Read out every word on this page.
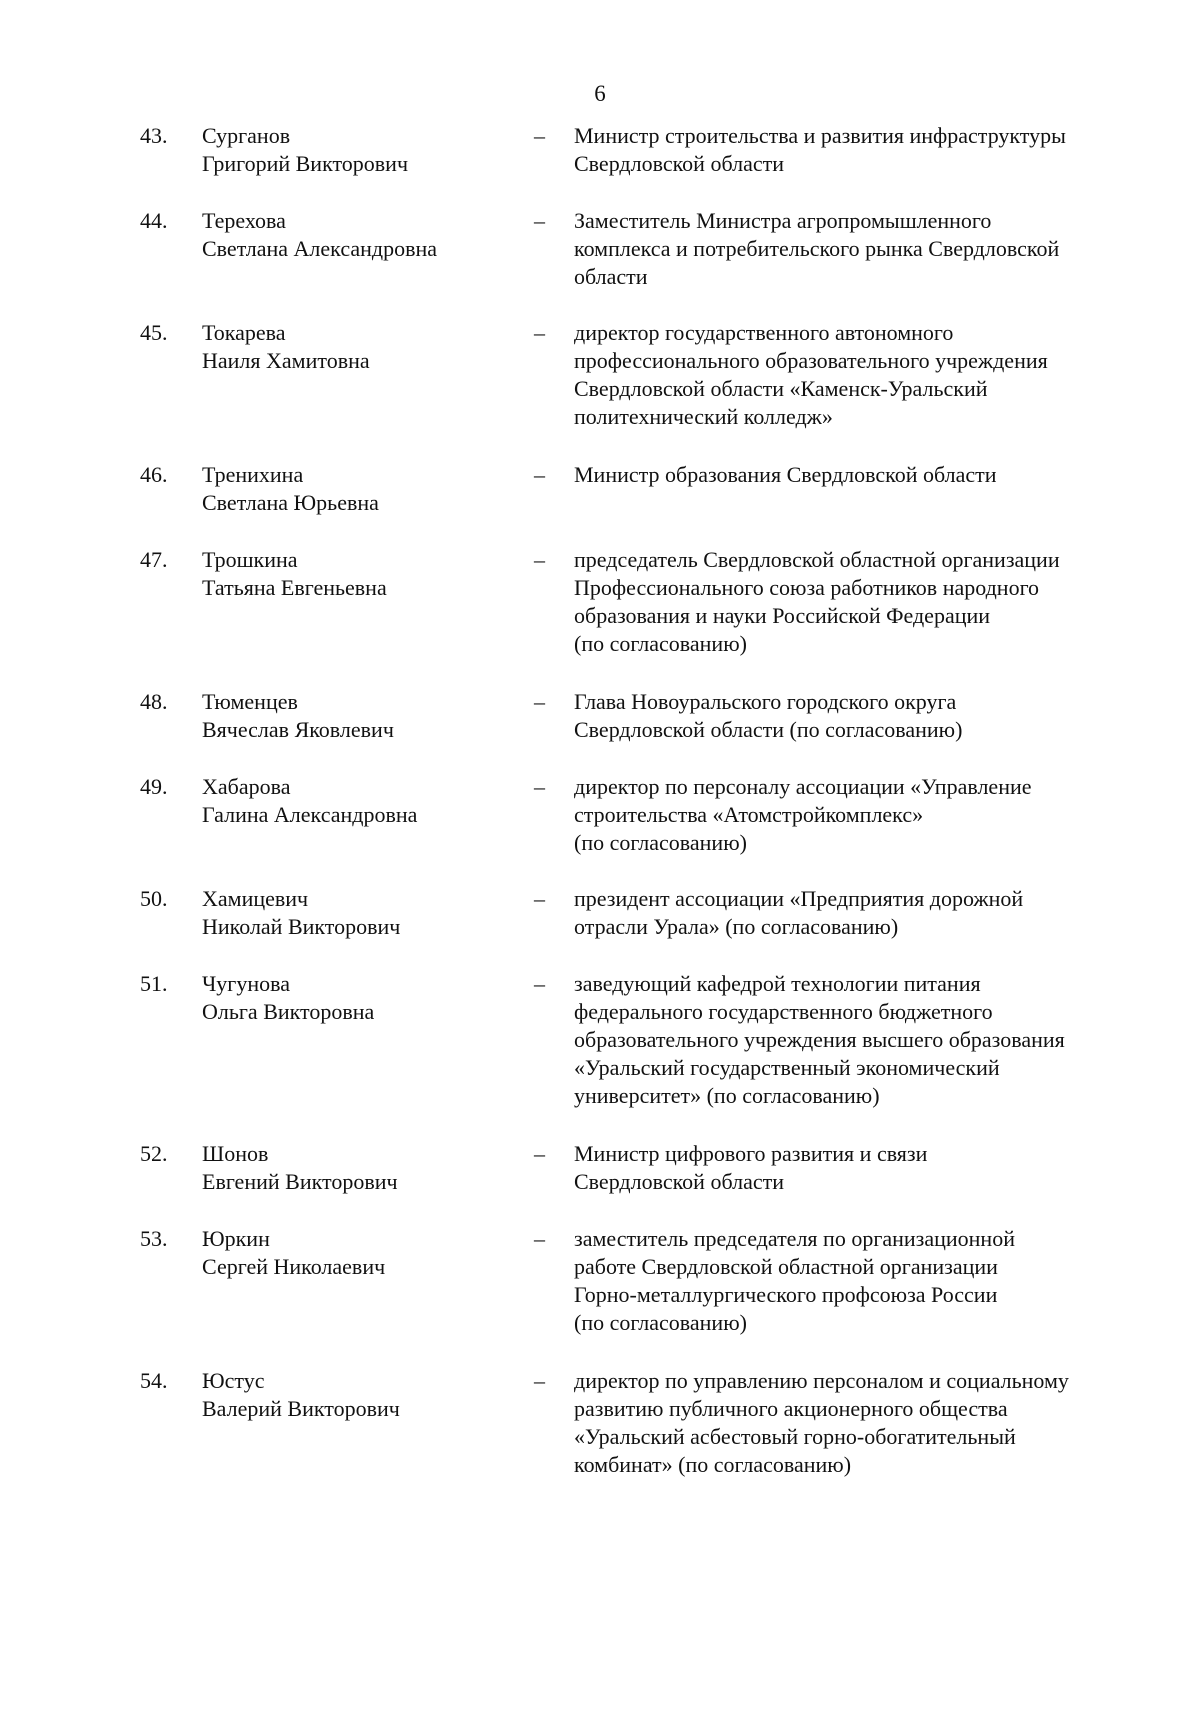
6
43.	Сурганов
Григорий Викторович
–	Министр строительства и развития инфраструктуры
Свердловской области
44.	Терехова
Светлана Александровна
–	Заместитель Министра агропромышленного
комплекса и потребительского рынка Свердловской
области
45.	Токарева
Наиля Хамитовна
–	директор государственного автономного
профессионального образовательного учреждения
Свердловской области «Каменск-Уральский
политехнический колледж»
46.	Тренихина
Светлана Юрьевна
–	Министр образования Свердловской области
47.	Трошкина
Татьяна Евгеньевна
–	председатель Свердловской областной организации
Профессионального союза работников народного
образования и науки Российской Федерации
(по согласованию)
48.	Тюменцев
Вячеслав Яковлевич
–	Глава Новоуральского городского округа
Свердловской области (по согласованию)
49.	Хабарова
Галина Александровна
–	директор по персоналу ассоциации «Управление
строительства «Атомстройкомплекс»
(по согласованию)
50.	Хамицевич
Николай Викторович
–	президент ассоциации «Предприятия дорожной
отрасли Урала» (по согласованию)
51.	Чугунова
Ольга Викторовна
–	заведующий кафедрой технологии питания
федерального государственного бюджетного
образовательного учреждения высшего образования
«Уральский государственный экономический
университет» (по согласованию)
52.	Шонов
Евгений Викторович
–	Министр цифрового развития и связи
Свердловской области
53.	Юркин
Сергей Николаевич
–	заместитель председателя по организационной
работе Свердловской областной организации
Горно-металлургического профсоюза России
(по согласованию)
54.	Юстус
Валерий Викторович
–	директор по управлению персоналом и социальному
развитию публичного акционерного общества
«Уральский асбестовый горно-обогатительный
комбинат» (по согласованию)
